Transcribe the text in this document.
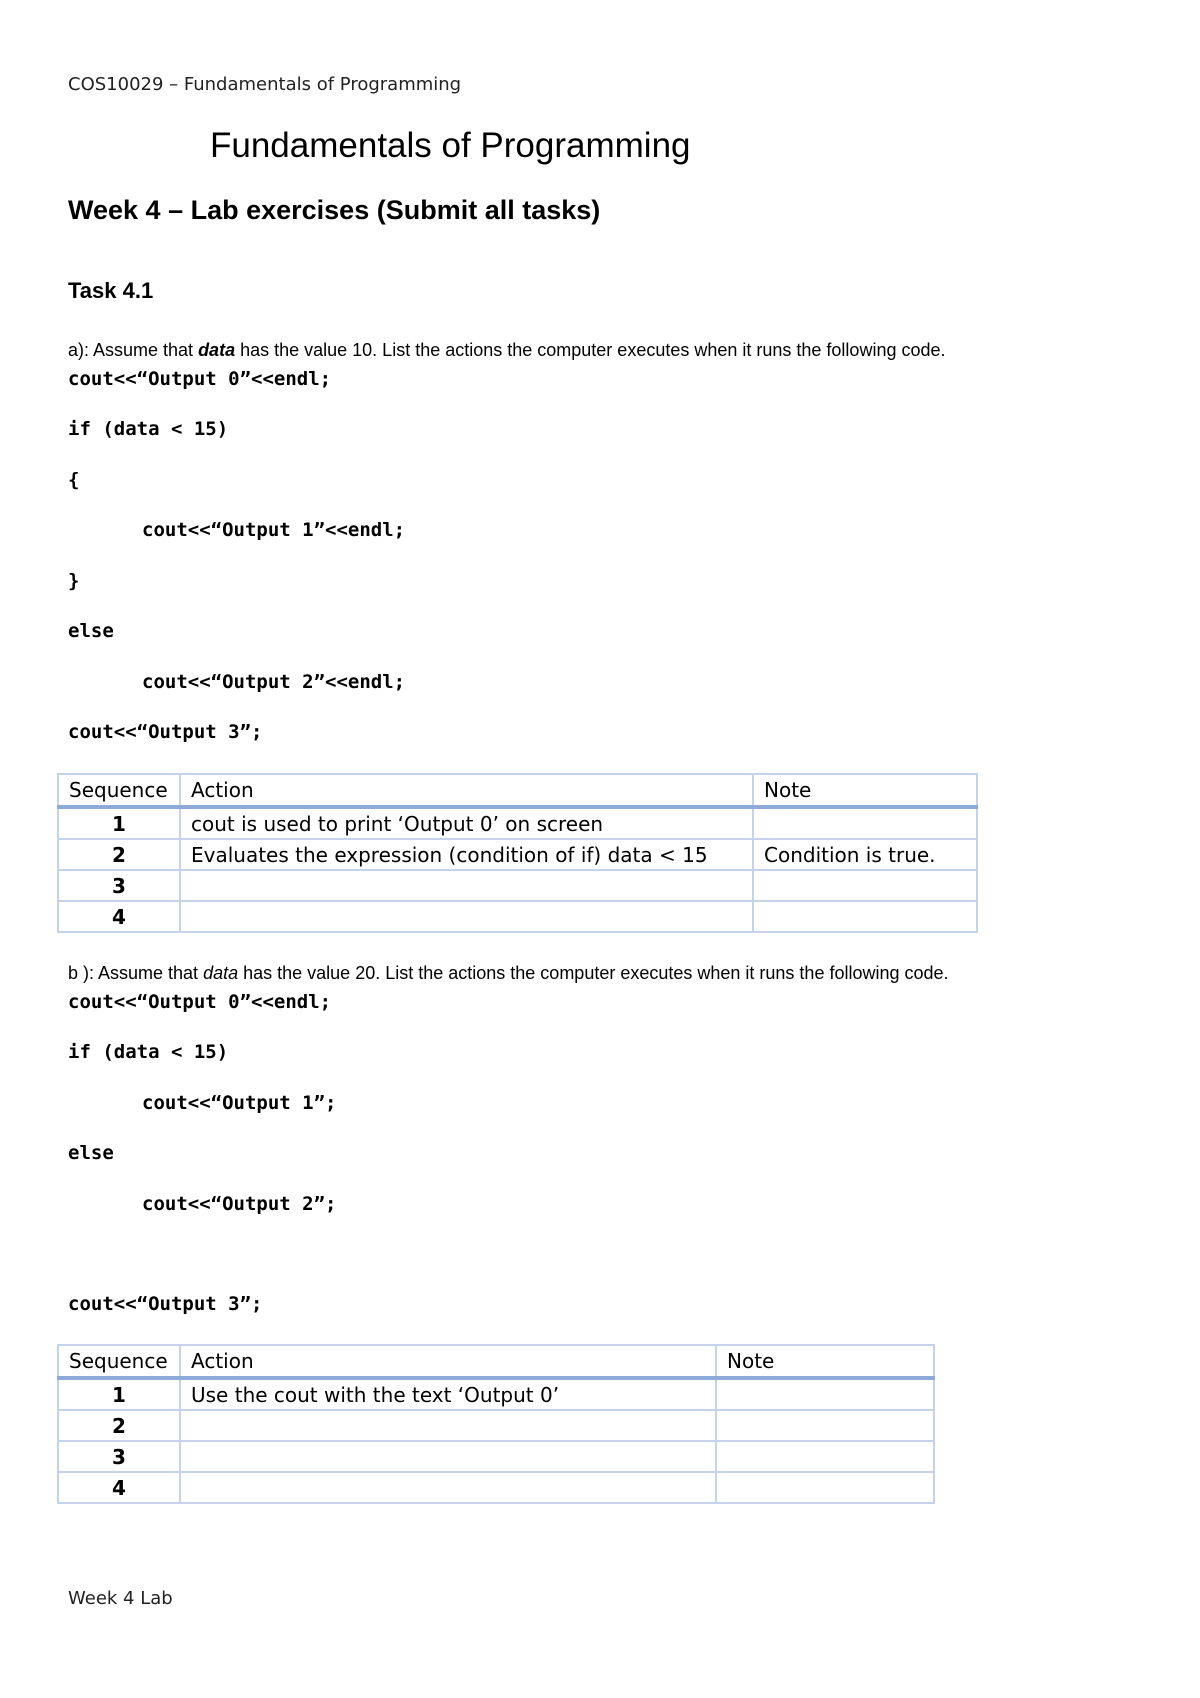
COS10029 – Fundamentals of Programming
Fundamentals of Programming
Week 4 – Lab exercises (Submit all tasks)
Task 4.1
a): Assume that data has the value 10. List the actions the computer executes when it runs the following code.
cout<<“Output 0”<<endl;
if (data < 15)
{
cout<<“Output 1”<<endl;
}
else
cout<<“Output 2”<<endl;
cout<<“Output 3”;
Sequence	Action	Note
1	cout is used to print ‘Output 0’ on screen	
2	Evaluates the expression (condition of if) data < 15	Condition is true.
3		
4		
b ): Assume that data has the value 20. List the actions the computer executes when it runs the following code.
cout<<“Output 0”<<endl;
if (data < 15)
cout<<“Output 1”;
else
cout<<“Output 2”;
cout<<“Output 3”;
Sequence	Action	Note
1	Use the cout with the text ‘Output 0’	
2		
3		
4		
Week 4 Lab
